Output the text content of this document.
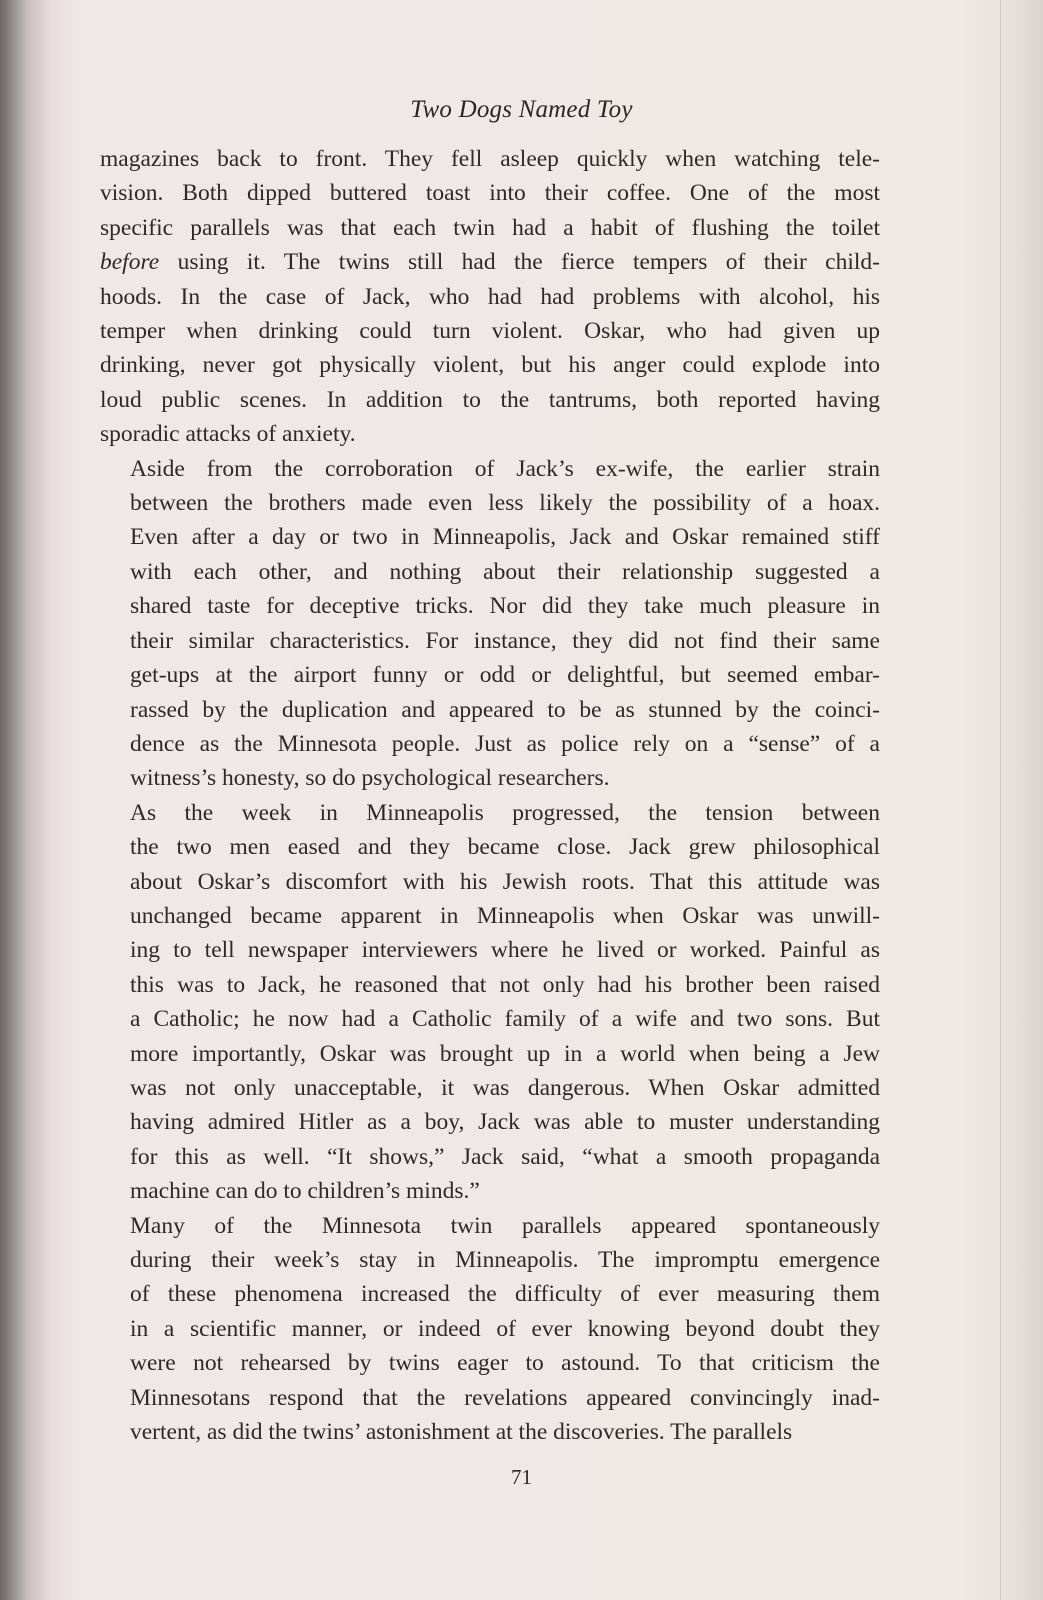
Two Dogs Named Toy
magazines back to front. They fell asleep quickly when watching tele-
vision. Both dipped buttered toast into their coffee. One of the most
specific parallels was that each twin had a habit of flushing the toilet
before using it. The twins still had the fierce tempers of their child-
hoods. In the case of Jack, who had had problems with alcohol, his
temper when drinking could turn violent. Oskar, who had given up
drinking, never got physically violent, but his anger could explode into
loud public scenes. In addition to the tantrums, both reported having
sporadic attacks of anxiety.
Aside from the corroboration of Jack’s ex-wife, the earlier strain
between the brothers made even less likely the possibility of a hoax.
Even after a day or two in Minneapolis, Jack and Oskar remained stiff
with each other, and nothing about their relationship suggested a
shared taste for deceptive tricks. Nor did they take much pleasure in
their similar characteristics. For instance, they did not find their same
get-ups at the airport funny or odd or delightful, but seemed embar-
rassed by the duplication and appeared to be as stunned by the coinci-
dence as the Minnesota people. Just as police rely on a “sense” of a
witness’s honesty, so do psychological researchers.
As the week in Minneapolis progressed, the tension between
the two men eased and they became close. Jack grew philosophical
about Oskar’s discomfort with his Jewish roots. That this attitude was
unchanged became apparent in Minneapolis when Oskar was unwill-
ing to tell newspaper interviewers where he lived or worked. Painful as
this was to Jack, he reasoned that not only had his brother been raised
a Catholic; he now had a Catholic family of a wife and two sons. But
more importantly, Oskar was brought up in a world when being a Jew
was not only unacceptable, it was dangerous. When Oskar admitted
having admired Hitler as a boy, Jack was able to muster understanding
for this as well. “It shows,” Jack said, “what a smooth propaganda
machine can do to children’s minds.”
Many of the Minnesota twin parallels appeared spontaneously
during their week’s stay in Minneapolis. The impromptu emergence
of these phenomena increased the difficulty of ever measuring them
in a scientific manner, or indeed of ever knowing beyond doubt they
were not rehearsed by twins eager to astound. To that criticism the
Minnesotans respond that the revelations appeared convincingly inad-
vertent, as did the twins’ astonishment at the discoveries. The parallels
71
